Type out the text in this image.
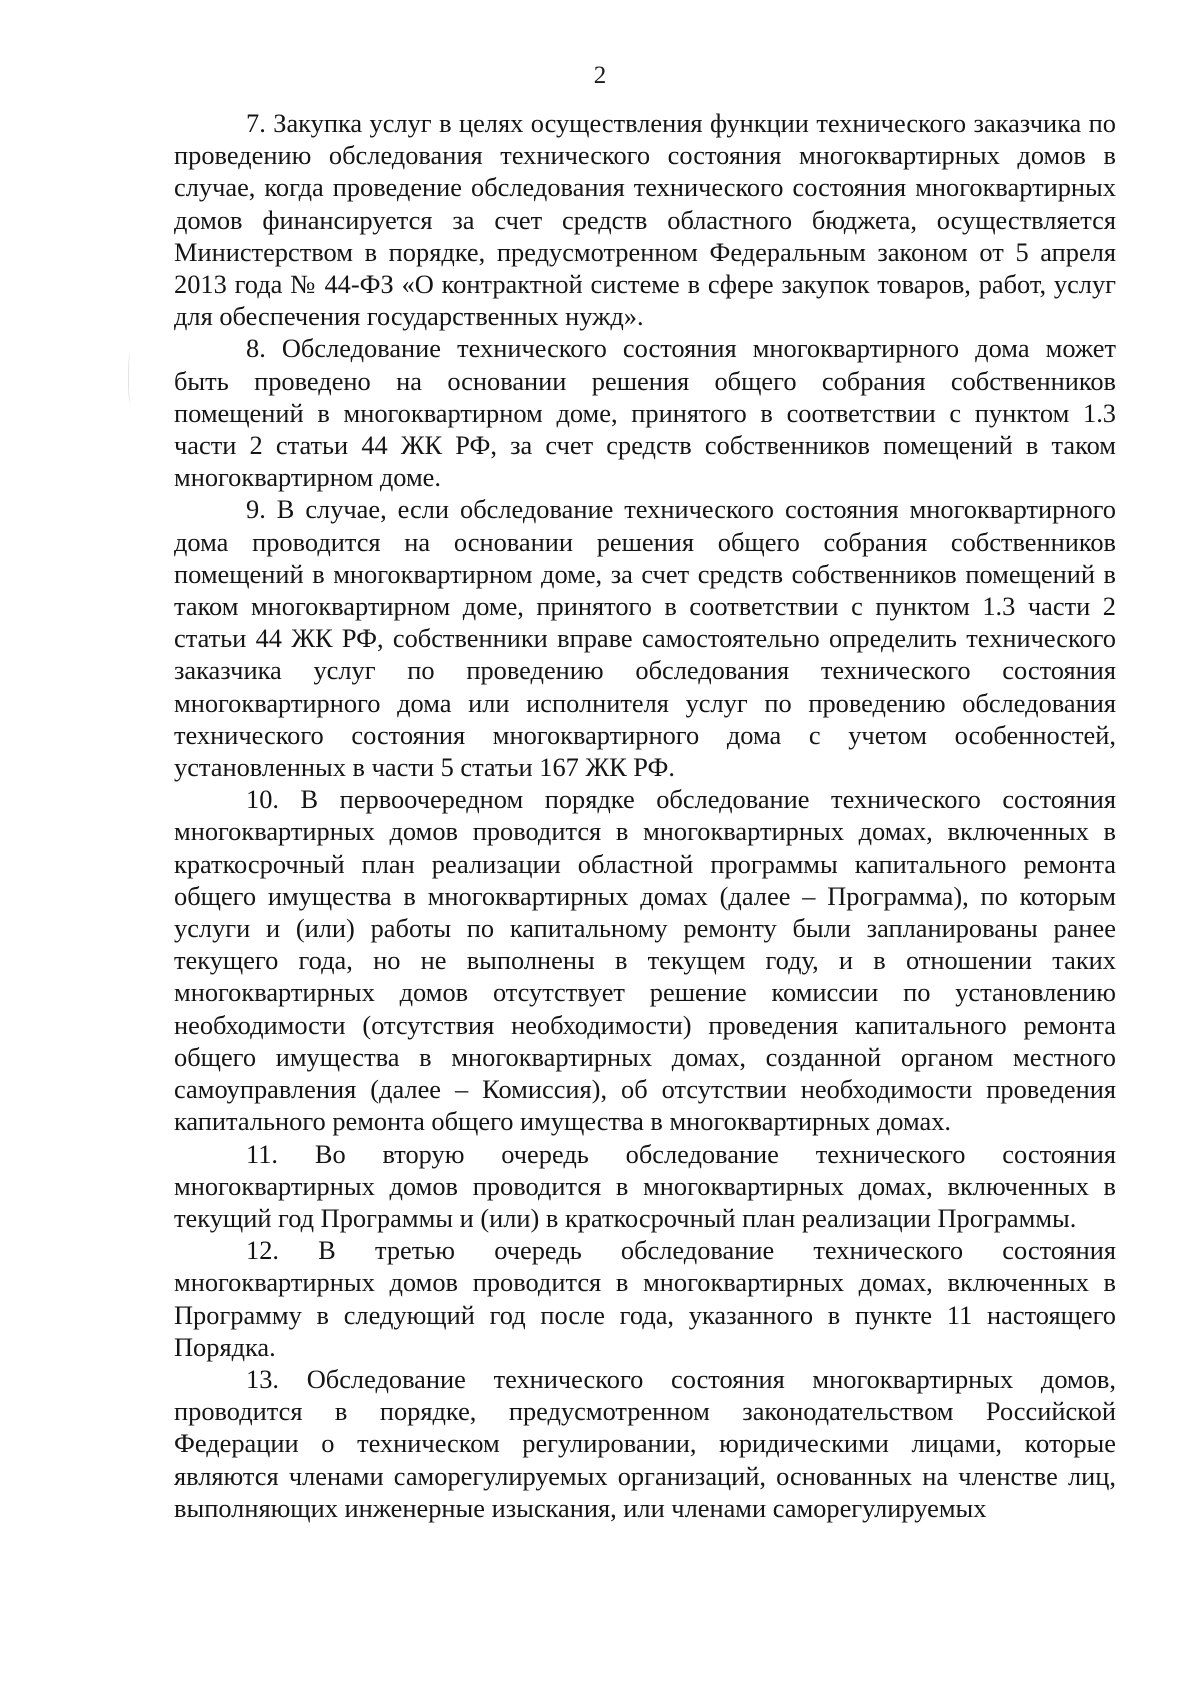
2

7. Закупка услуг в целях осуществления функции технического заказчика по проведению обследования технического состояния многоквартирных домов в случае, когда проведение обследования технического состояния многоквартирных домов финансируется за счет средств областного бюджета, осуществляется Министерством в порядке, предусмотренном Федеральным законом от 5 апреля 2013 года № 44-ФЗ «О контрактной системе в сфере закупок товаров, работ, услуг для обеспечения государственных нужд».

8. Обследование технического состояния многоквартирного дома может быть проведено на основании решения общего собрания собственников помещений в многоквартирном доме, принятого в соответствии с пунктом 1.3 части 2 статьи 44 ЖК РФ, за счет средств собственников помещений в таком многоквартирном доме.

9. В случае, если обследование технического состояния многоквартирного дома проводится на основании решения общего собрания собственников помещений в многоквартирном доме, за счет средств собственников помещений в таком многоквартирном доме, принятого в соответствии с пунктом 1.3 части 2 статьи 44 ЖК РФ, собственники вправе самостоятельно определить технического заказчика услуг по проведению обследования технического состояния многоквартирного дома или исполнителя услуг по проведению обследования технического состояния многоквартирного дома с учетом особенностей, установленных в части 5 статьи 167 ЖК РФ.

10. В первоочередном порядке обследование технического состояния многоквартирных домов проводится в многоквартирных домах, включенных в краткосрочный план реализации областной программы капитального ремонта общего имущества в многоквартирных домах (далее – Программа), по которым услуги и (или) работы по капитальному ремонту были запланированы ранее текущего года, но не выполнены в текущем году, и в отношении таких многоквартирных домов отсутствует решение комиссии по установлению необходимости (отсутствия необходимости) проведения капитального ремонта общего имущества в многоквартирных домах, созданной органом местного самоуправления (далее – Комиссия), об отсутствии необходимости проведения капитального ремонта общего имущества в многоквартирных домах.

11. Во вторую очередь обследование технического состояния многоквартирных домов проводится в многоквартирных домах, включенных в текущий год Программы и (или) в краткосрочный план реализации Программы.

12. В третью очередь обследование технического состояния многоквартирных домов проводится в многоквартирных домах, включенных в Программу в следующий год после года, указанного в пункте 11 настоящего Порядка.

13. Обследование технического состояния многоквартирных домов, проводится в порядке, предусмотренном законодательством Российской Федерации о техническом регулировании, юридическими лицами, которые являются членами саморегулируемых организаций, основанных на членстве лиц, выполняющих инженерные изыскания, или членами саморегулируемых
